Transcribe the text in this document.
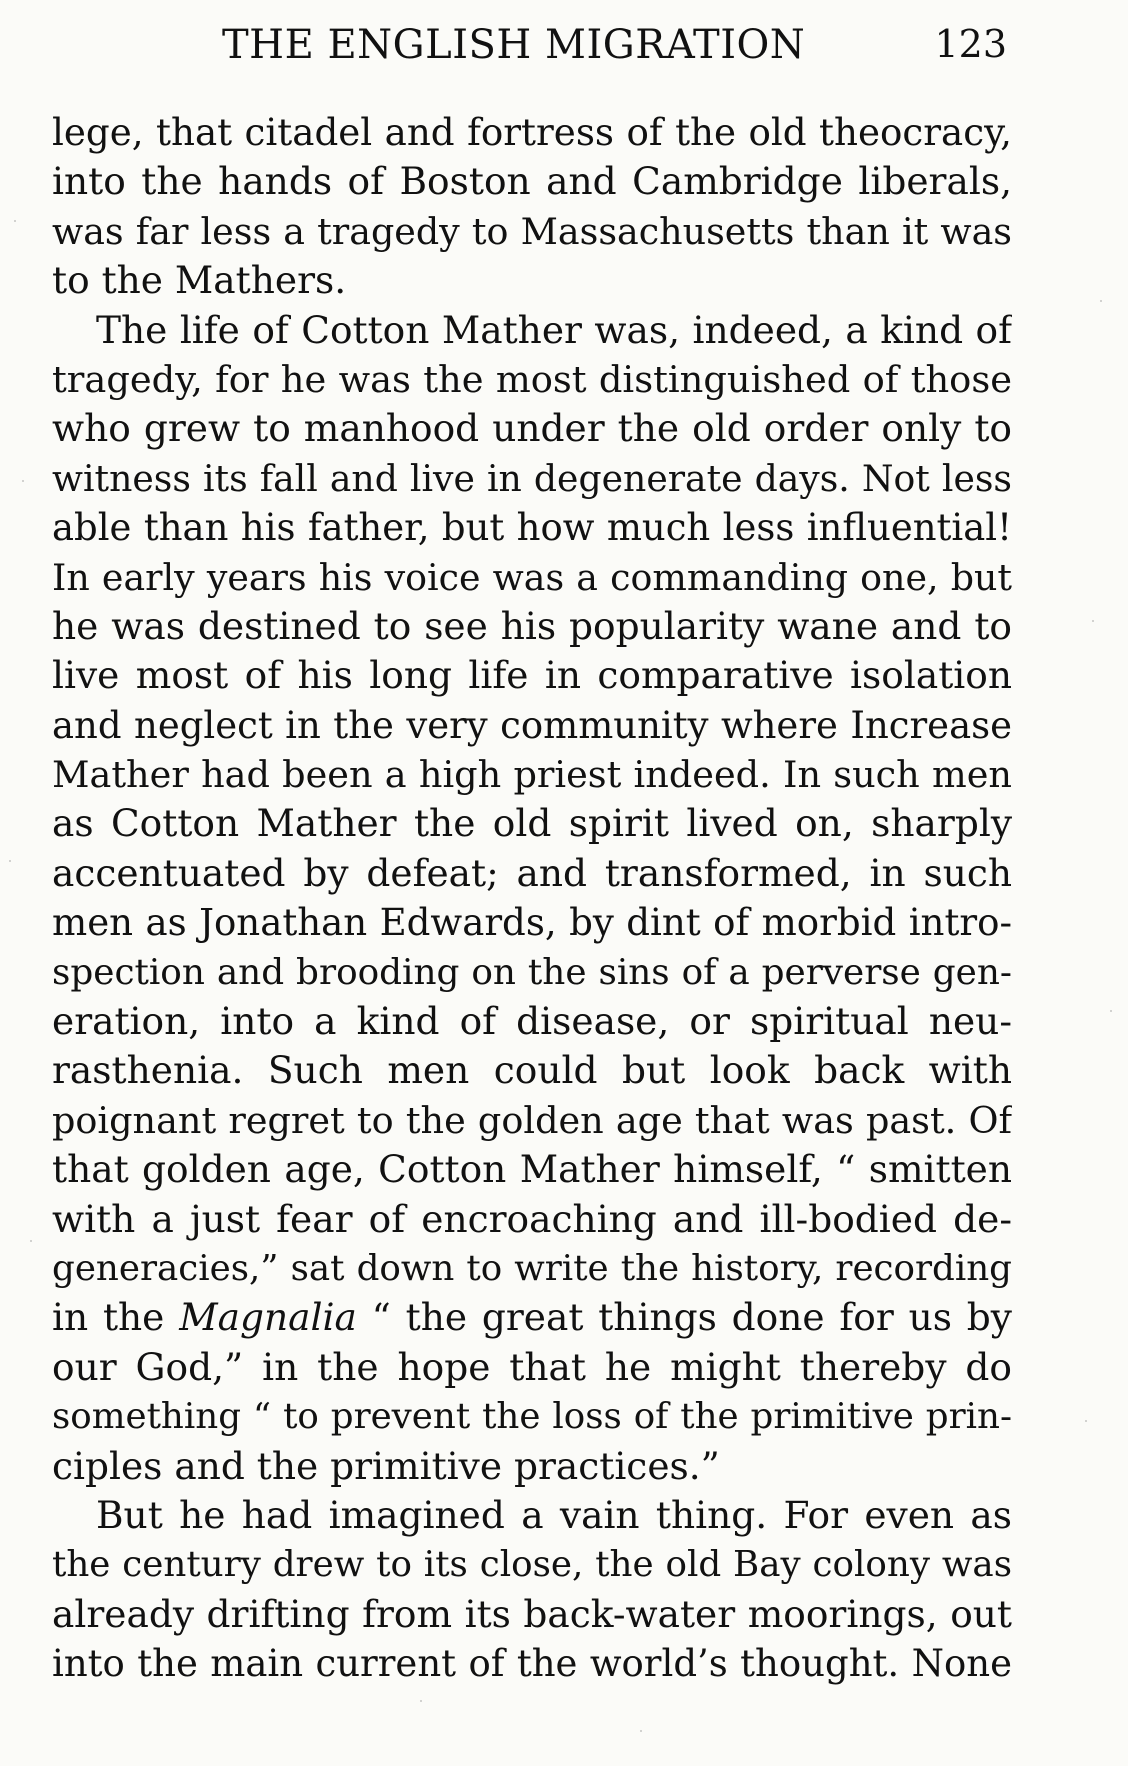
THE ENGLISH MIGRATION	123
lege, that citadel and fortress of the old theocracy,
into the hands of Boston and Cambridge liberals,
was far less a tragedy to Massachusetts than it was
to the Mathers.
The life of Cotton Mather was, indeed, a kind of
tragedy, for he was the most distinguished of those
who grew to manhood under the old order only to
witness its fall and live in degenerate days. Not less
able than his father, but how much less influential!
In early years his voice was a commanding one, but
he was destined to see his popularity wane and to
live most of his long life in comparative isolation
and neglect in the very community where Increase
Mather had been a high priest indeed. In such men
as Cotton Mather the old spirit lived on, sharply
accentuated by defeat; and transformed, in such
men as Jonathan Edwards, by dint of morbid intro-
spection and brooding on the sins of a perverse gen-
eration, into a kind of disease, or spiritual neu-
rasthenia. Such men could but look back with
poignant regret to the golden age that was past. Of
that golden age, Cotton Mather himself, “ smitten
with a just fear of encroaching and ill-bodied de-
generacies,” sat down to write the history, recording
in the Magnalia “ the great things done for us by
our God,” in the hope that he might thereby do
something “ to prevent the loss of the primitive prin-
ciples and the primitive practices.”
But he had imagined a vain thing. For even as
the century drew to its close, the old Bay colony was
already drifting from its back-water moorings, out
into the main current of the world’s thought. None
